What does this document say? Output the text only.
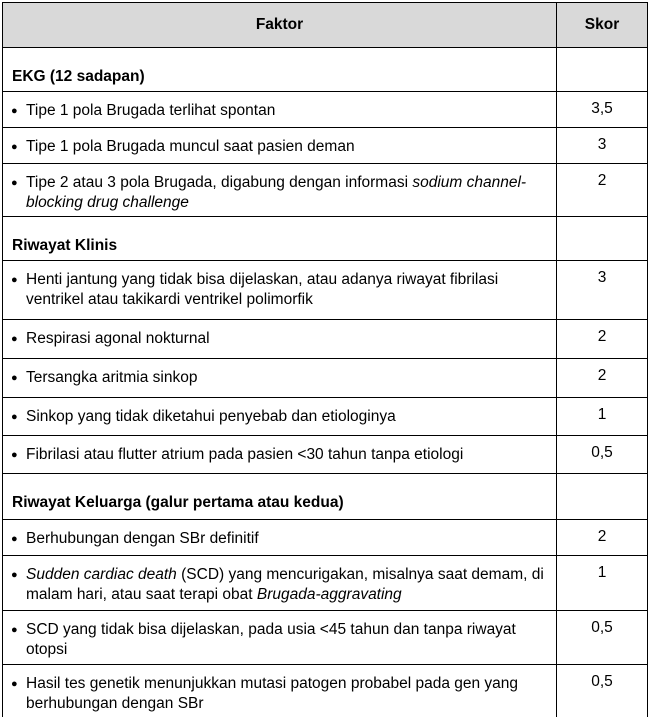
Faktor	Skor
EKG (12 sadapan)	

● Tipe 1 pola Brugada terlihat spontan	3,5

● Tipe 1 pola Brugada muncul saat pasien deman	3

● Tipe 2 atau 3 pola Brugada, digabung dengan informasi sodium channel-blocking drug challenge	2
Riwayat Klinis	

● Henti jantung yang tidak bisa dijelaskan, atau adanya riwayat fibrilasi ventrikel atau takikardi ventrikel polimorfik	3

● Respirasi agonal nokturnal	2

● Tersangka aritmia sinkop	2

● Sinkop yang tidak diketahui penyebab dan etiologinya	1

● Fibrilasi atau flutter atrium pada pasien <30 tahun tanpa etiologi	0,5
Riwayat Keluarga (galur pertama atau kedua)	

● Berhubungan dengan SBr definitif	2

● Sudden cardiac death (SCD) yang mencurigakan, misalnya saat demam, di malam hari, atau saat terapi obat Brugada-aggravating	1

● SCD yang tidak bisa dijelaskan, pada usia <45 tahun dan tanpa riwayat otopsi	0,5

● Hasil tes genetik menunjukkan mutasi patogen probabel pada gen yang berhubungan dengan SBr	0,5
